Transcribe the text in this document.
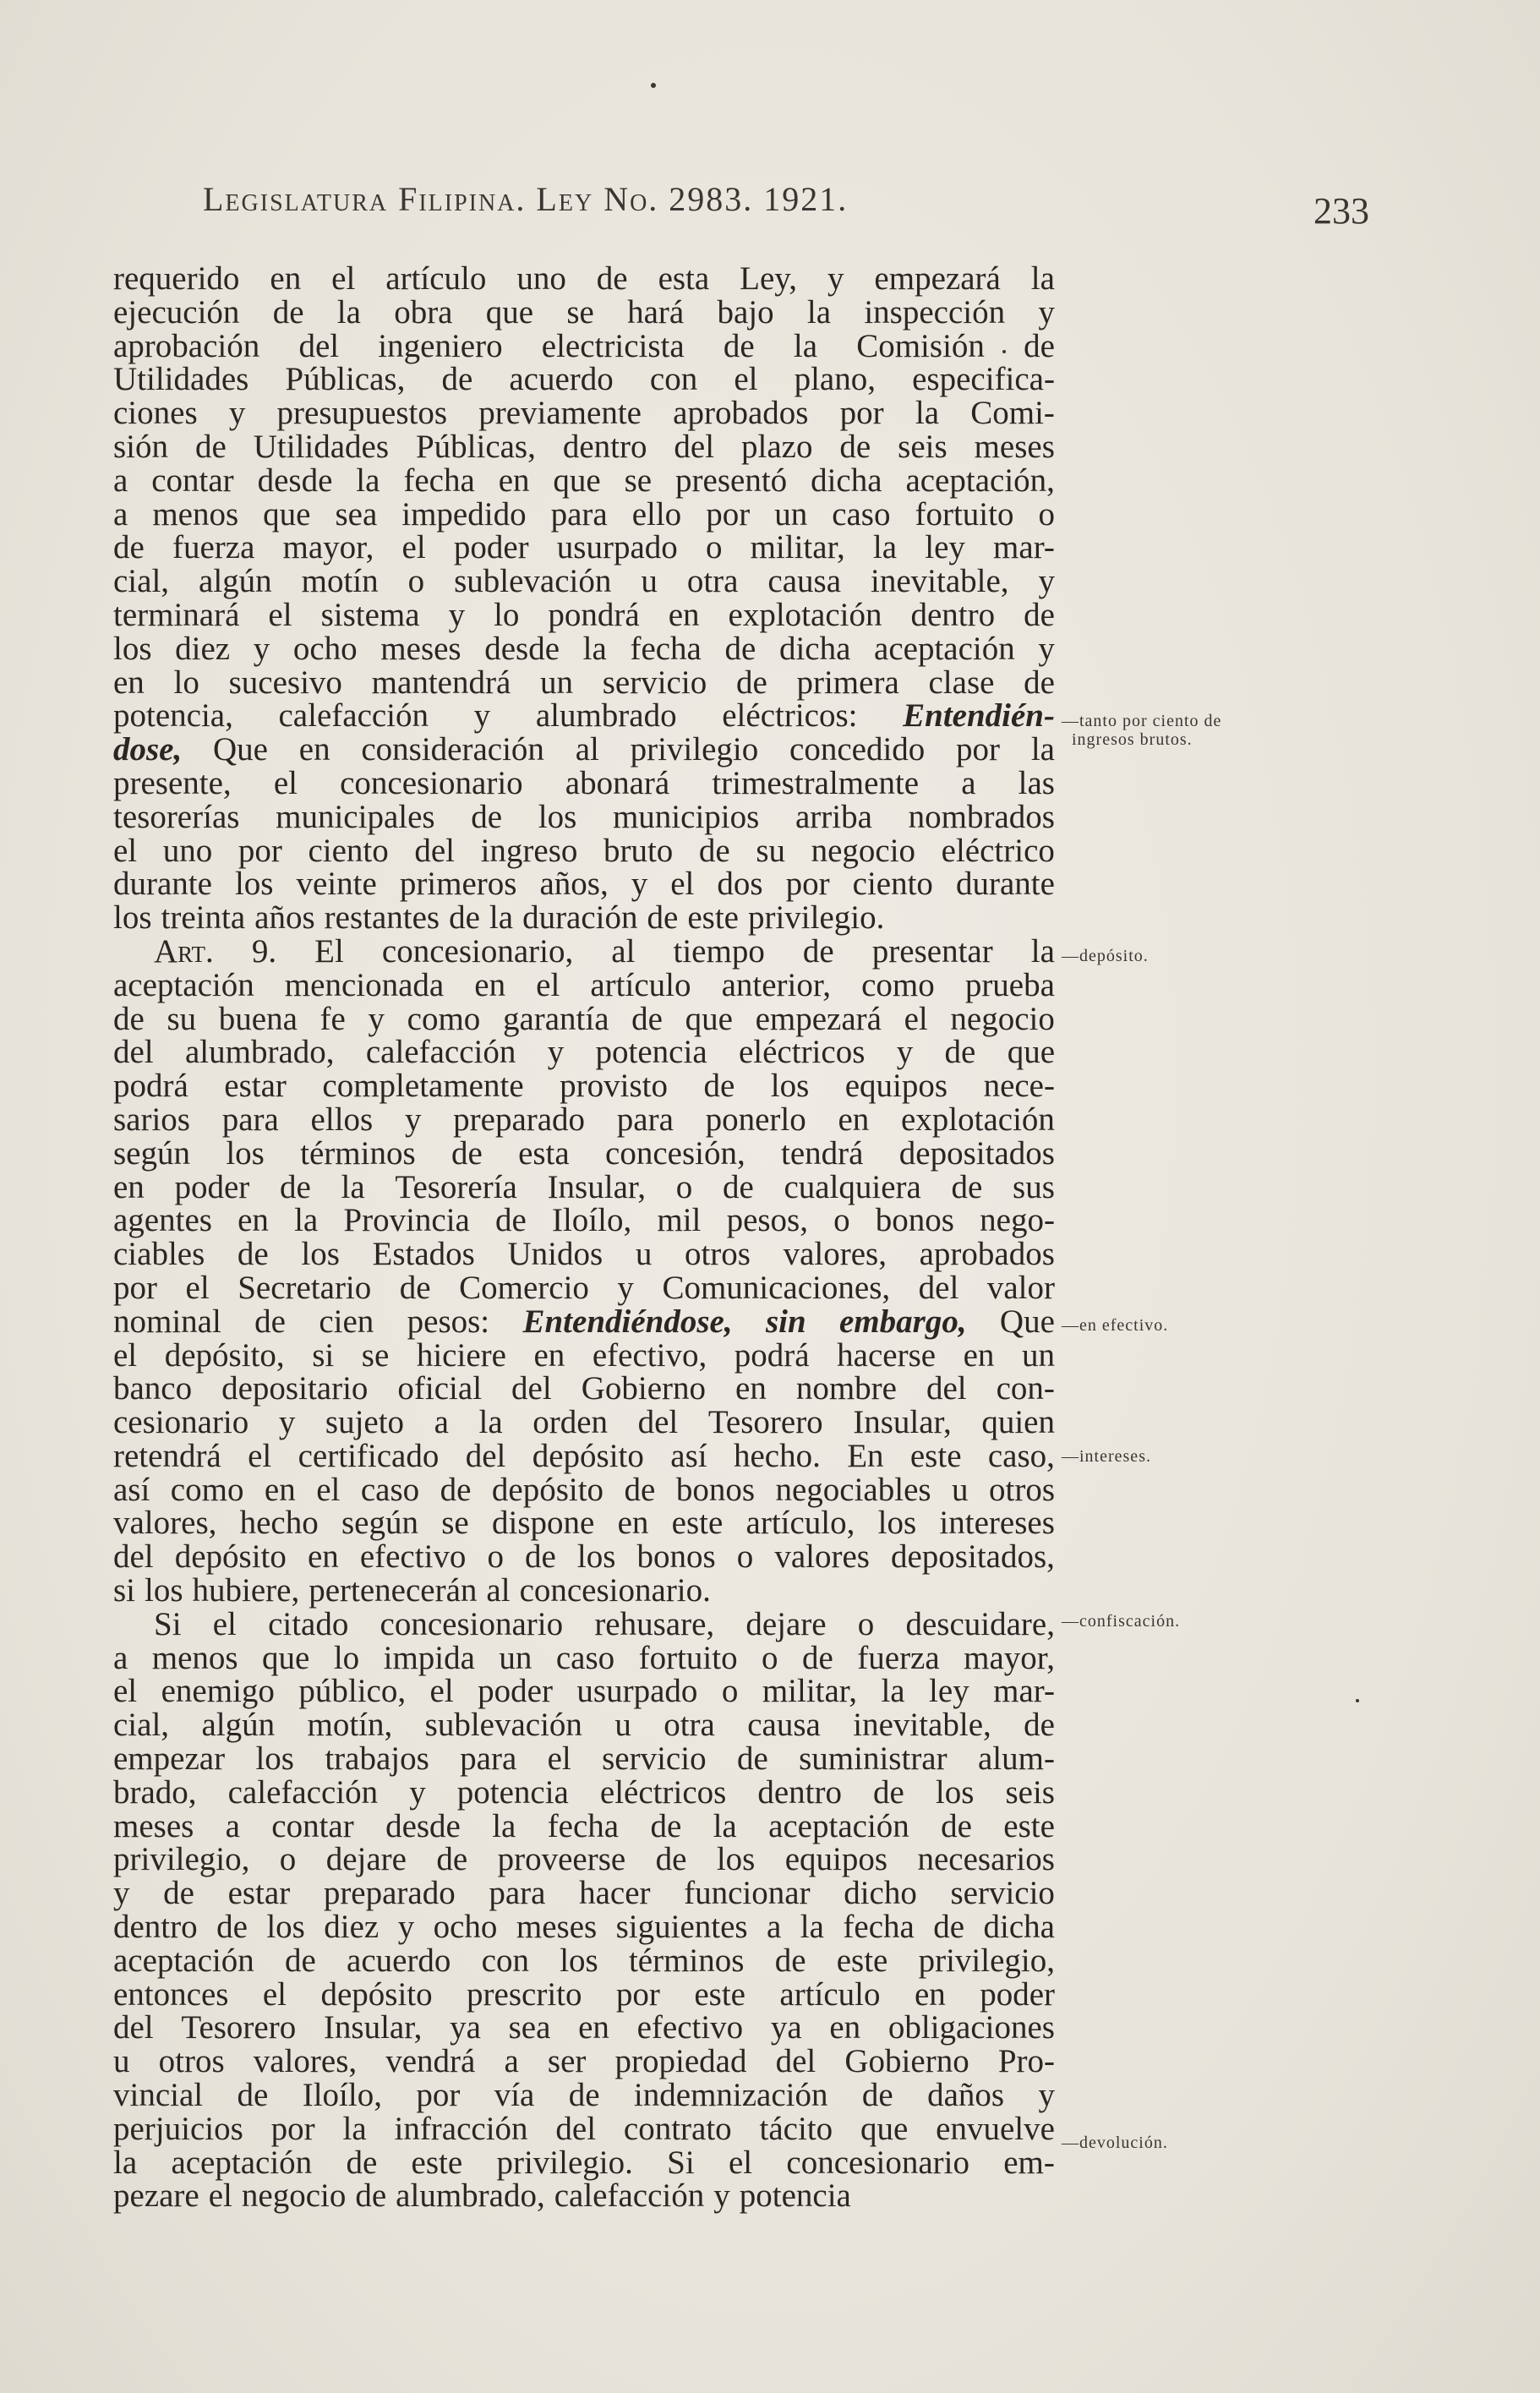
Legislatura Filipina. Ley No. 2983. 1921.	233
requerido en el artículo uno de esta Ley, y empezará la
ejecución de la obra que se hará bajo la inspección y
aprobación del ingeniero electricista de la Comisión de
Utilidades Públicas, de acuerdo con el plano, especifica-
ciones y presupuestos previamente aprobados por la Comi-
sión de Utilidades Públicas, dentro del plazo de seis meses
a contar desde la fecha en que se presentó dicha aceptación,
a menos que sea impedido para ello por un caso fortuito o
de fuerza mayor, el poder usurpado o militar, la ley mar-
cial, algún motín o sublevación u otra causa inevitable, y
terminará el sistema y lo pondrá en explotación dentro de
los diez y ocho meses desde la fecha de dicha aceptación y
en lo sucesivo mantendrá un servicio de primera clase de
potencia, calefacción y alumbrado eléctricos: Entendién-
dose, Que en consideración al privilegio concedido por la
presente, el concesionario abonará trimestralmente a las
tesorerías municipales de los municipios arriba nombrados
el uno por ciento del ingreso bruto de su negocio eléctrico
durante los veinte primeros años, y el dos por ciento durante
los treinta años restantes de la duración de este privilegio.
Art. 9. El concesionario, al tiempo de presentar la
aceptación mencionada en el artículo anterior, como prueba
de su buena fe y como garantía de que empezará el negocio
del alumbrado, calefacción y potencia eléctricos y de que
podrá estar completamente provisto de los equipos nece-
sarios para ellos y preparado para ponerlo en explotación
según los términos de esta concesión, tendrá depositados
en poder de la Tesorería Insular, o de cualquiera de sus
agentes en la Provincia de Iloílo, mil pesos, o bonos nego-
ciables de los Estados Unidos u otros valores, aprobados
por el Secretario de Comercio y Comunicaciones, del valor
nominal de cien pesos: Entendiéndose, sin embargo, Que
el depósito, si se hiciere en efectivo, podrá hacerse en un
banco depositario oficial del Gobierno en nombre del con-
cesionario y sujeto a la orden del Tesorero Insular, quien
retendrá el certificado del depósito así hecho. En este caso,
así como en el caso de depósito de bonos negociables u otros
valores, hecho según se dispone en este artículo, los intereses
del depósito en efectivo o de los bonos o valores depositados,
si los hubiere, pertenecerán al concesionario.
Si el citado concesionario rehusare, dejare o descuidare,
a menos que lo impida un caso fortuito o de fuerza mayor,
el enemigo público, el poder usurpado o militar, la ley mar-
cial, algún motín, sublevación u otra causa inevitable, de
empezar los trabajos para el servicio de suministrar alum-
brado, calefacción y potencia eléctricos dentro de los seis
meses a contar desde la fecha de la aceptación de este
privilegio, o dejare de proveerse de los equipos necesarios
y de estar preparado para hacer funcionar dicho servicio
dentro de los diez y ocho meses siguientes a la fecha de dicha
aceptación de acuerdo con los términos de este privilegio,
entonces el depósito prescrito por este artículo en poder
del Tesorero Insular, ya sea en efectivo ya en obligaciones
u otros valores, vendrá a ser propiedad del Gobierno Pro-
vincial de Iloílo, por vía de indemnización de daños y
perjuicios por la infracción del contrato tácito que envuelve
la aceptación de este privilegio. Si el concesionario em-
pezare el negocio de alumbrado, calefacción y potencia
—tanto por ciento de
ingresos brutos.
—depósito.
—en efectivo.
—intereses.
—confiscación.
—devolución.
